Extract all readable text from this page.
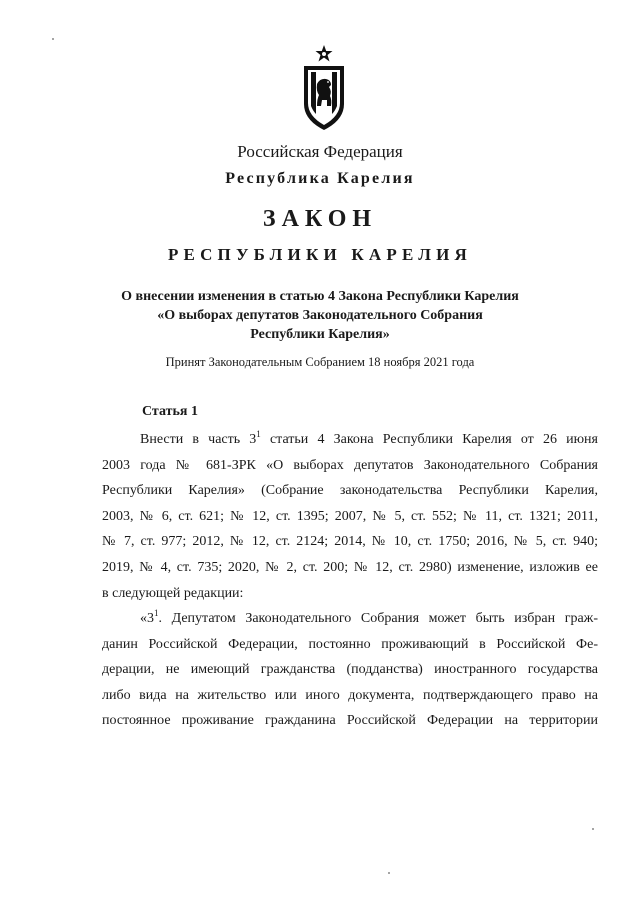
Российская Федерация
Республика Карелия
ЗАКОН
РЕСПУБЛИКИ КАРЕЛИЯ
О внесении изменения в статью 4 Закона Республики Карелия
«О выборах депутатов Законодательного Собрания
Республики Карелия»
Принят Законодательным Собранием 18 ноября 2021 года
Статья 1
Внести в часть $3^1$ статьи 4 Закона Республики Карелия от 26 июня
2003 года № 681-ЗРК «О выборах депутатов Законодательного Собрания
Республики Карелия» (Собрание законодательства Республики Карелия,
2003, № 6, ст. 621; № 12, ст. 1395; 2007, № 5, ст. 552; № 11, ст. 1321; 2011,
№ 7, ст. 977; 2012, № 12, ст. 2124; 2014, № 10, ст. 1750; 2016, № 5, ст. 940;
2019, № 4, ст. 735; 2020, № 2, ст. 200; № 12, ст. 2980) изменение, изложив ее
в следующей редакции:
«$3^1$. Депутатом Законодательного Собрания может быть избран граж-
данин Российской Федерации, постоянно проживающий в Российской Фе-
дерации, не имеющий гражданства (подданства) иностранного государства
либо вида на жительство или иного документа, подтверждающего право на
постоянное проживание гражданина Российской Федерации на территории
